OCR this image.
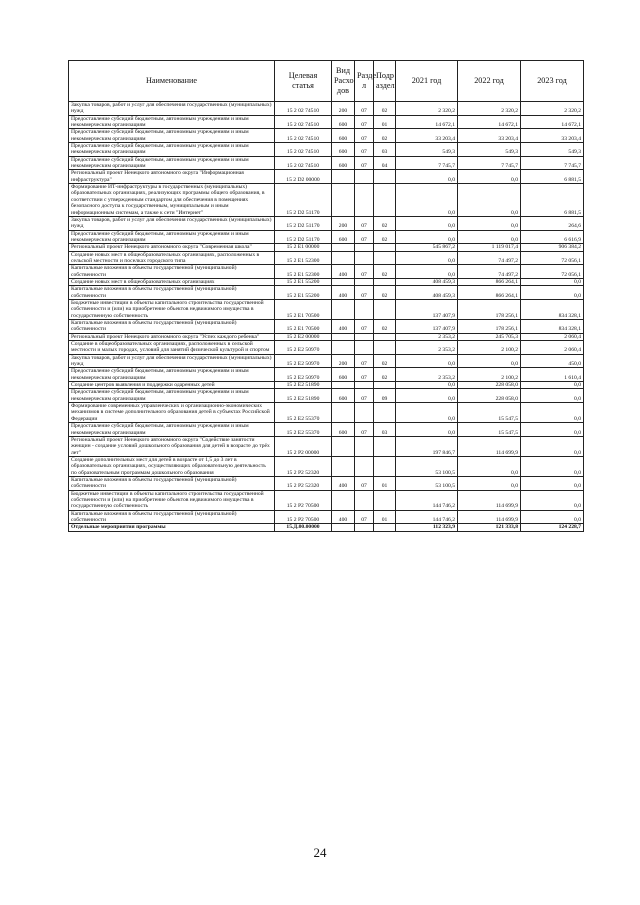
Наименование	Целевая статья	Вид Расхо дов	Разде л	Подр аздел	2021 год	2022 год	2023 год
Закупка товаров, работ и услуг для обеспечения государственных (муниципальных) нужд	15 2 02 74510	200	07	02	2 320,2	2 320,2	2 320,2
Предоставление субсидий бюджетным, автономным учреждениям и иным некоммерческим организациям	15 2 02 74510	600	07	01	14 672,1	14 672,1	14 672,1
Предоставление субсидий бюджетным, автономным учреждениям и иным некоммерческим организациям	15 2 02 74510	600	07	02	33 203,4	33 203,4	33 203,4
Предоставление субсидий бюджетным, автономным учреждениям и иным некоммерческим организациям	15 2 02 74510	600	07	03	549,3	549,3	549,3
Предоставление субсидий бюджетным, автономным учреждениям и иным некоммерческим организациям	15 2 02 74510	600	07	04	7 745,7	7 745,7	7 745,7
Региональный проект Ненецкого автономного округа "Информационная инфраструктура"	15 2 D2 00000				0,0	0,0	6 881,5
Формирование ИТ-инфраструктуры в государственных (муниципальных) образовательных организациях, реализующих программы общего образования, в соответствии с утвержденным стандартом для обеспечения в помещениях безопасного доступа к государственным, муниципальным и иным информационным системам, а также к сети "Интернет"	15 2 D2 51170				0,0	0,0	6 881,5
Закупка товаров, работ и услуг для обеспечения государственных (муниципальных) нужд	15 2 D2 51170	200	07	02	0,0	0,0	264,6
Предоставление субсидий бюджетным, автономным учреждениям и иным некоммерческим организациям	15 2 D2 51170	600	07	02	0,0	0,0	6 616,9
Региональный проект Ненецкого автономного округа "Современная школа"	15 2 E1 00000				545 867,2	1 119 017,4	906 384,2
Создание новых мест в общеобразовательных организациях, расположенных в сельской местности и поселках городского типа	15 2 E1 52300				0,0	74 497,2	72 056,1
Капитальные вложения в объекты государственной (муниципальной) собственности	15 2 E1 52300	400	07	02	0,0	74 497,2	72 056,1
Создание новых мест в общеобразовательных организациях	15 2 E1 55200				408 459,3	866 264,1	0,0
Капитальные вложения в объекты государственной (муниципальной) собственности	15 2 E1 55200	400	07	02	408 459,3	866 264,1	0,0
Бюджетные инвестиции в объекты капитального строительства государственной собственности и (или) на приобретение объектов недвижимого имущества в государственную собственность	15 2 E1 70500				137 407,9	178 256,1	834 328,1
Капитальные вложения в объекты государственной (муниципальной) собственности	15 2 E1 70500	400	07	02	137 407,9	178 256,1	834 328,1
Региональный проект Ненецкого автономного округа "Успех каждого ребенка"	15 2 E2 00000				2 353,2	245 705,3	2 060,4
Создание в общеобразовательных организациях, расположенных в сельской местности и малых городах, условий для занятий физической культурой и спортом	15 2 E2 50970				2 353,2	2 100,2	2 060,4
Закупка товаров, работ и услуг для обеспечения государственных (муниципальных) нужд	15 2 E2 50970	200	07	02	0,0	0,0	450,0
Предоставление субсидий бюджетным, автономным учреждениям и иным некоммерческим организациям	15 2 E2 50970	600	07	02	2 353,2	2 100,2	1 610,4
Создание центров выявления и поддержки одаренных детей	15 2 E2 51890				0,0	228 058,0	0,0
Предоставление субсидий бюджетным, автономным учреждениям и иным некоммерческим организациям	15 2 E2 51890	600	07	09	0,0	228 058,0	0,0
Формирование современных управленческих и организационно-экономических механизмов в системе дополнительного образования детей в субъектах Российской Федерации	15 2 E2 55370				0,0	15 547,5	0,0
Предоставление субсидий бюджетным, автономным учреждениям и иным некоммерческим организациям	15 2 E2 55370	600	07	03	0,0	15 547,5	0,0
Региональный проект Ненецкого автономного округа "Содействие занятости женщин - создание условий дошкольного образования для детей в возрасте до трёх лет"	15 2 P2 00000				197 846,7	114 699,9	0,0
Создание дополнительных мест для детей в возрасте от 1,5 до 3 лет в образовательных организациях, осуществляющих образовательную деятельность по образовательным программам дошкольного образования	15 2 P2 52320				53 100,5	0,0	0,0
Капитальные вложения в объекты государственной (муниципальной) собственности	15 2 P2 52320	400	07	01	53 100,5	0,0	0,0
Бюджетные инвестиции в объекты капитального строительства государственной собственности и (или) на приобретение объектов недвижимого имущества в государственную собственность	15 2 P2 70500				144 746,2	114 699,9	0,0
Капитальные вложения в объекты государственной (муниципальной) собственности	15 2 P2 70500	400	07	01	144 746,2	114 699,9	0,0
Отдельные мероприятия программы	15.Д.00.00000				112 323,9	121 333,8	124 228,7
24
